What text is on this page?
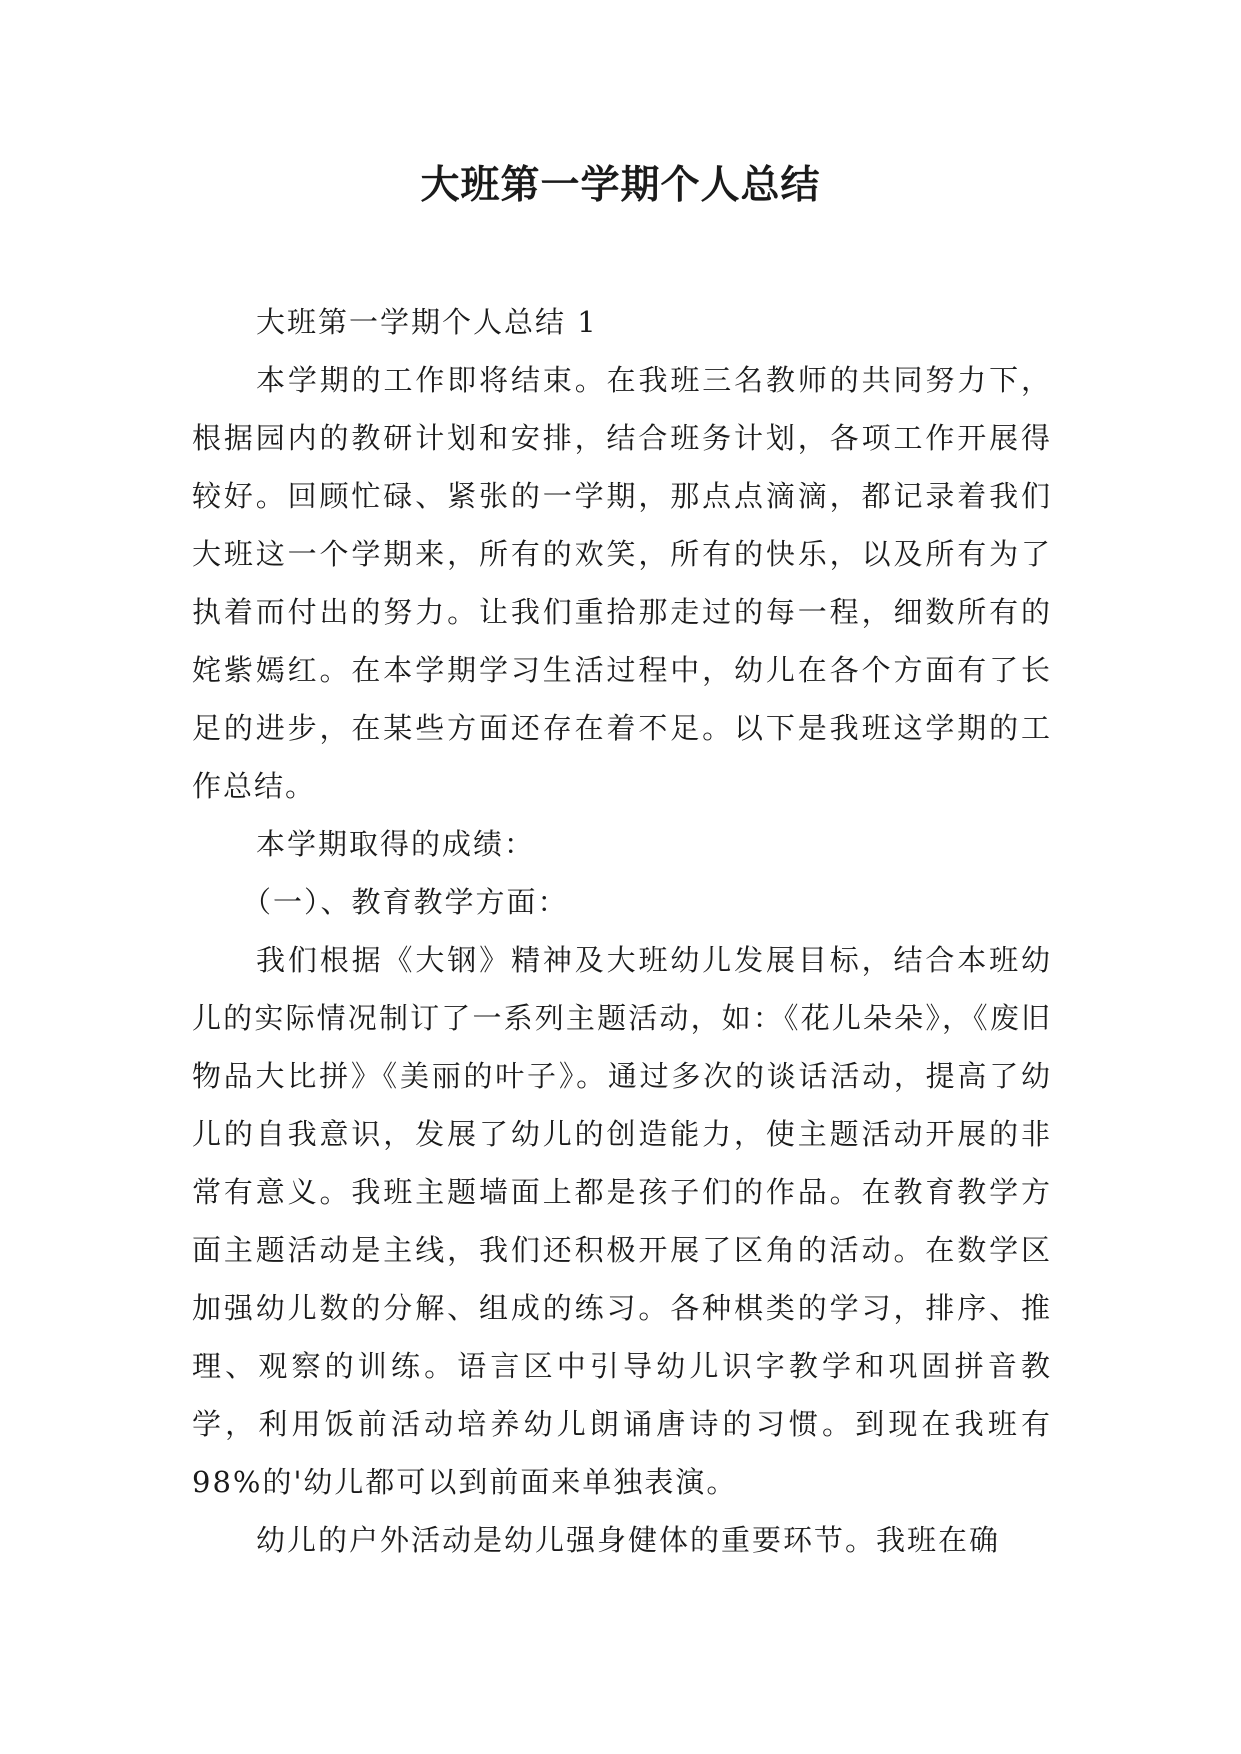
大班第一学期个人总结

大班第一学期个人总结 1

本学期的工作即将结束。在我班三名教师的共同努力下，根据园内的教研计划和安排，结合班务计划，各项工作开展得较好。回顾忙碌、紧张的一学期，那点点滴滴，都记录着我们大班这一个学期来，所有的欢笑，所有的快乐，以及所有为了执着而付出的努力。让我们重拾那走过的每一程，细数所有的姹紫嫣红。在本学期学习生活过程中，幼儿在各个方面有了长足的进步，在某些方面还存在着不足。以下是我班这学期的工作总结。

本学期取得的成绩：

（一）、教育教学方面：

我们根据《大钢》精神及大班幼儿发展目标，结合本班幼儿的实际情况制订了一系列主题活动，如：《花儿朵朵》，《废旧物品大比拼》《美丽的叶子》。通过多次的谈话活动，提高了幼儿的自我意识，发展了幼儿的创造能力，使主题活动开展的非常有意义。我班主题墙面上都是孩子们的作品。在教育教学方面主题活动是主线，我们还积极开展了区角的活动。在数学区加强幼儿数的分解、组成的练习。各种棋类的学习，排序、推理、观察的训练。语言区中引导幼儿识字教学和巩固拼音教学，利用饭前活动培养幼儿朗诵唐诗的习惯。到现在我班有 98%的'幼儿都可以到前面来单独表演。

幼儿的户外活动是幼儿强身健体的重要环节。我班在确
